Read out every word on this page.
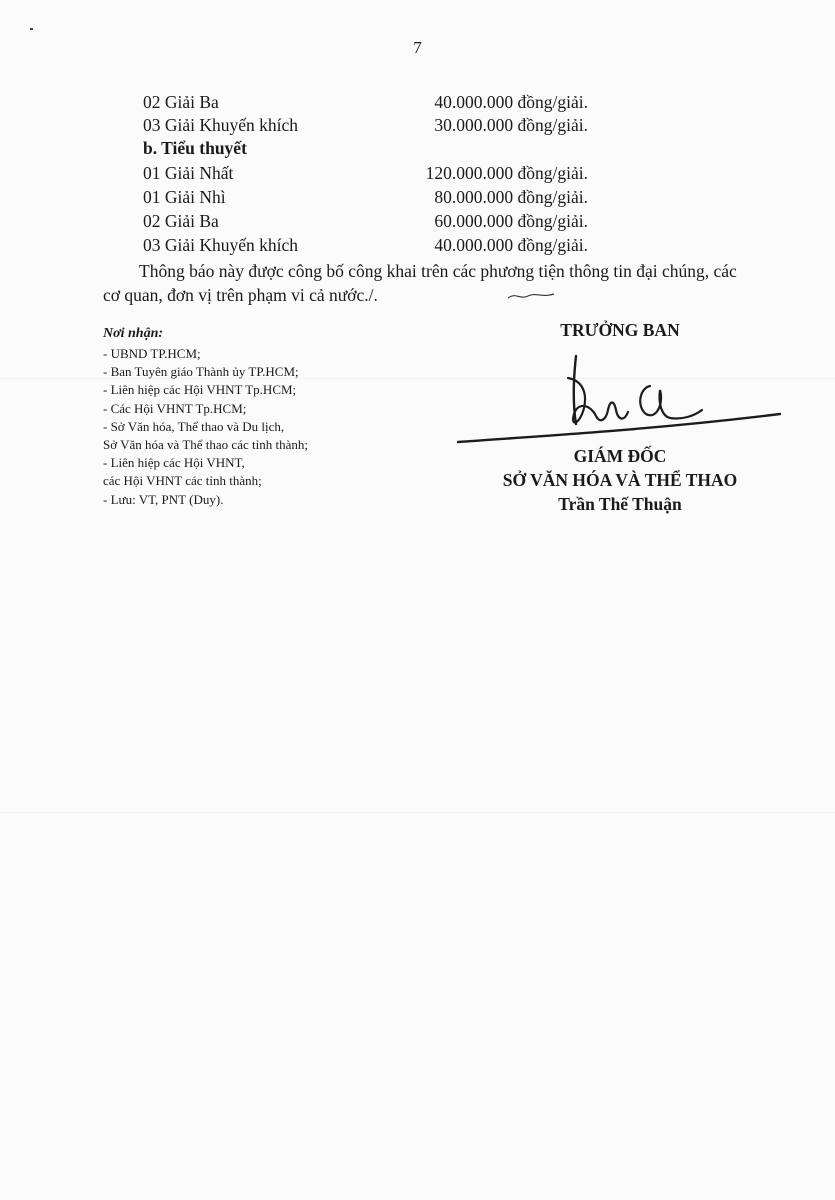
7
02 Giải Ba	40.000.000 đồng/giải.
03 Giải Khuyến khích	30.000.000 đồng/giải.
b. Tiểu thuyết
01 Giải Nhất	120.000.000 đồng/giải.
01 Giải Nhì	80.000.000 đồng/giải.
02 Giải Ba	60.000.000 đồng/giải.
03 Giải Khuyến khích	40.000.000 đồng/giải.
Thông báo này được công bố công khai trên các phương tiện thông tin đại chúng, các cơ quan, đơn vị trên phạm vi cả nước./.
Nơi nhận:
- UBND TP.HCM;
- Ban Tuyên giáo Thành ủy TP.HCM;
- Liên hiệp các Hội VHNT Tp.HCM;
- Các Hội VHNT Tp.HCM;
- Sở Văn hóa, Thể thao và Du lịch,
Sở Văn hóa và Thể thao các tỉnh thành;
- Liên hiệp các Hội VHNT,
các Hội VHNT các tỉnh thành;
- Lưu: VT, PNT (Duy).
TRƯỞNG BAN
GIÁM ĐỐC
SỞ VĂN HÓA VÀ THỂ THAO
Trần Thế Thuận
